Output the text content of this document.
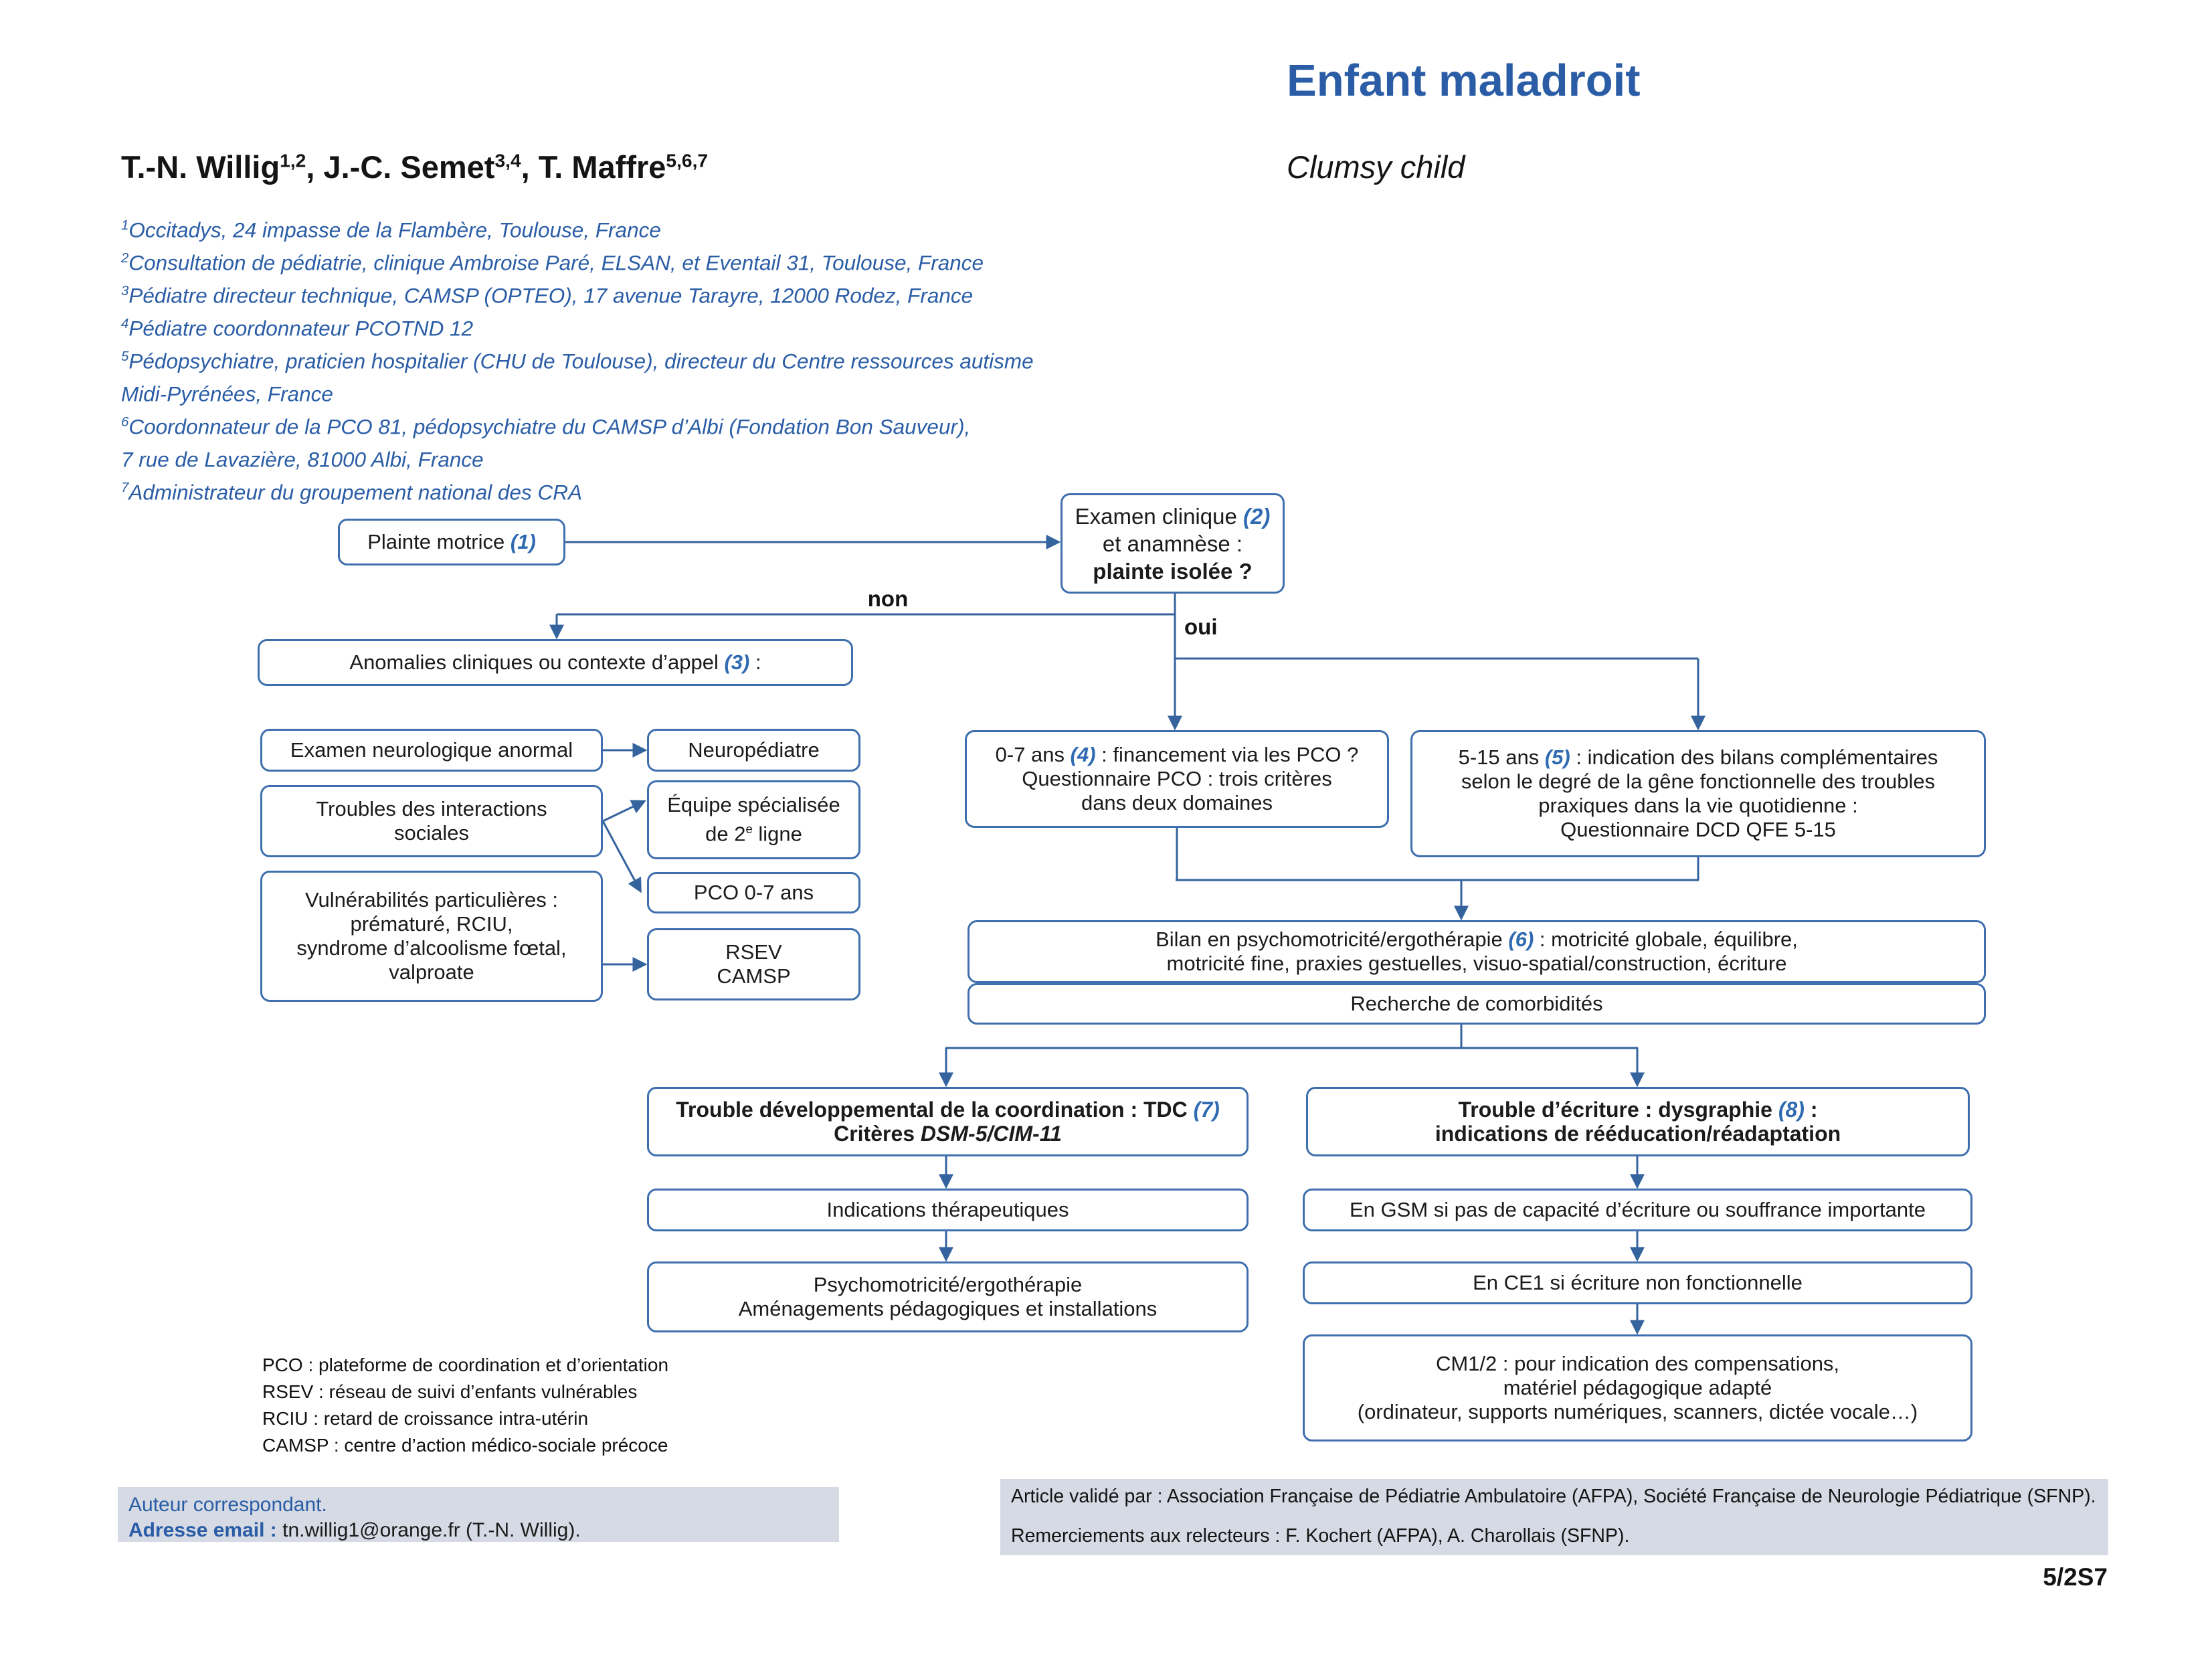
Enfant maladroit
Clumsy child
T.-N. Willig$^{1,2}$, J.-C. Semet$^{3,4}$, T. Maffre$^{5,6,7}$
$^1$Occitadys, 24 impasse de la Flambère, Toulouse, France
$^2$Consultation de pédiatrie, clinique Ambroise Paré, ELSAN, et Eventail 31, Toulouse, France
$^3$Pédiatre directeur technique, CAMSP (OPTEO), 17 avenue Tarayre, 12000 Rodez, France
$^4$Pédiatre coordonnateur PCOTND 12
$^5$Pédopsychiatre, praticien hospitalier (CHU de Toulouse), directeur du Centre ressources autisme
Midi-Pyrénées, France
$^6$Coordonnateur de la PCO 81, pédopsychiatre du CAMSP d’Albi (Fondation Bon Sauveur),
7 rue de Lavazière, 81000 Albi, France
$^7$Administrateur du groupement national des CRA
non
oui
Plainte motrice (1)
Examen clinique (2)
et anamnèse :
plainte isolée ?
Anomalies cliniques ou contexte d’appel (3) :
Examen neurologique anormal	Neuropédiatre
Troubles des interactions
sociales
Équipe spécialisée
de 2e ligne
Vulnérabilités particulières :
prématuré, RCIU,
syndrome d’alcoolisme fœtal,
valproate
PCO 0-7 ans
RSEV
CAMSP
0-7 ans (4) : financement via les PCO ?
Questionnaire PCO : trois critères
dans deux domaines
5-15 ans (5) : indication des bilans complémentaires
selon le degré de la gêne fonctionnelle des troubles
praxiques dans la vie quotidienne :
Questionnaire DCD QFE 5-15
Bilan en psychomotricité/ergothérapie (6) : motricité globale, équilibre,
motricité fine, praxies gestuelles, visuo-spatial/construction, écriture
Recherche de comorbidités
Trouble développemental de la coordination : TDC (7)
Critères DSM-5/CIM-11
Trouble d’écriture : dysgraphie (8) :
indications de rééducation/réadaptation
Indications thérapeutiques	En GSM si pas de capacité d’écriture ou souffrance importante
Psychomotricité/ergothérapie
Aménagements pédagogiques et installations
En CE1 si écriture non fonctionnelle
CM1/2 : pour indication des compensations,
matériel pédagogique adapté
(ordinateur, supports numériques, scanners, dictée vocale…)
PCO : plateforme de coordination et d’orientation
RSEV : réseau de suivi d’enfants vulnérables
RCIU : retard de croissance intra-utérin
CAMSP : centre d’action médico-sociale précoce
Auteur correspondant.
Adresse email : tn.willig1@orange.fr (T.-N. Willig).
Article validé par : Association Française de Pédiatrie Ambulatoire (AFPA), Société Française de Neurologie Pédiatrique (SFNP).
Remerciements aux relecteurs : F. Kochert (AFPA), A. Charollais (SFNP).
5/2S7
